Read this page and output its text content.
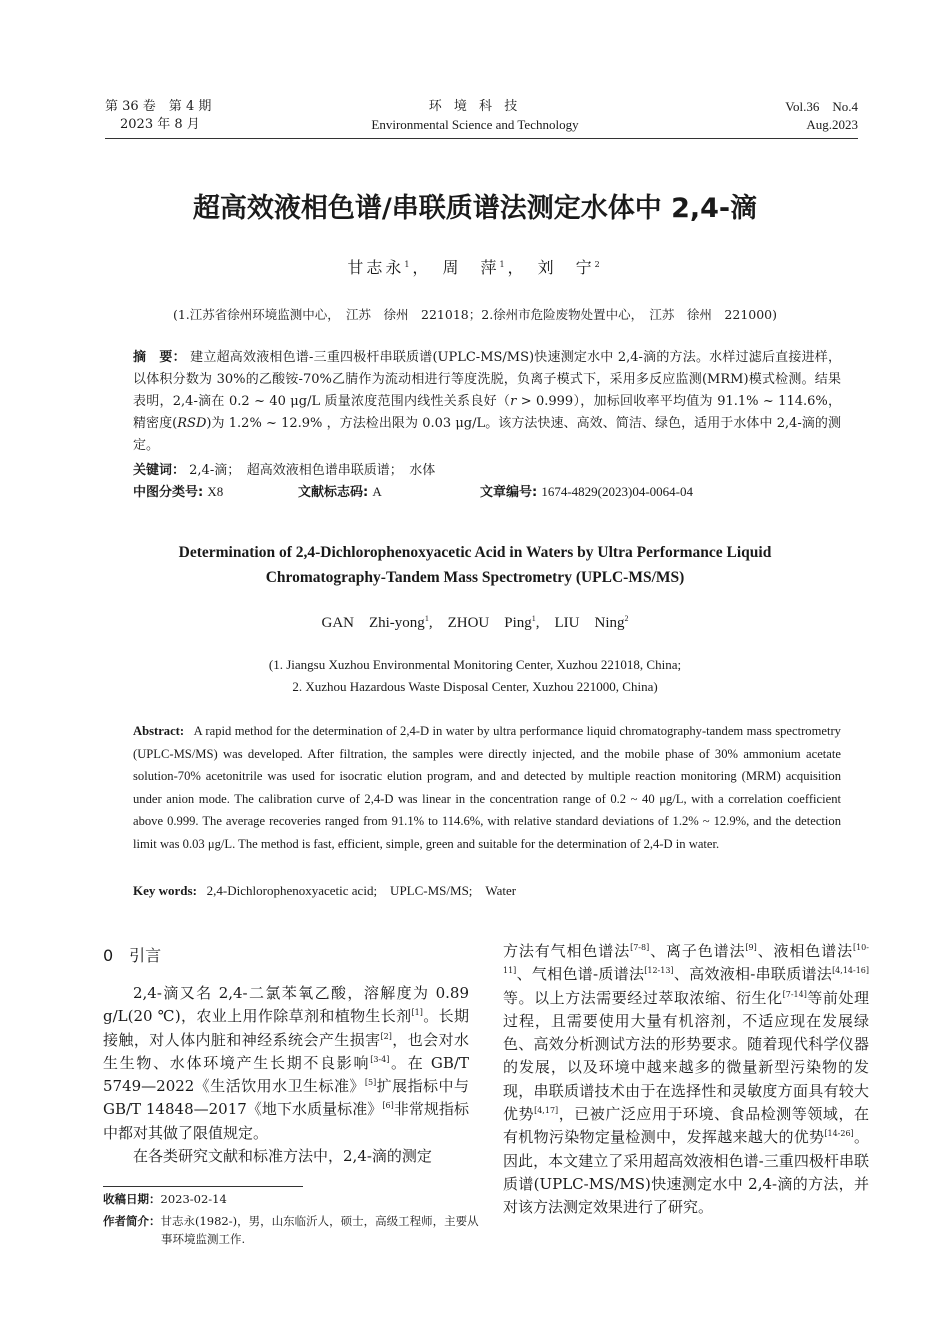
第 36 卷　第 4 期
2023 年 8 月
环 境 科 技
Environmental Science and Technology
Vol.36　No.4
Aug.2023
超高效液相色谱/串联质谱法测定水体中 2,4-滴
甘志永$^1$，　周　萍$^1$，　刘　宁$^2$
(1.江苏省徐州环境监测中心，　江苏　徐州　221018；2.徐州市危险废物处置中心，　江苏　徐州　221000)
摘　要： 建立超高效液相色谱-三重四极杆串联质谱(UPLC-MS/MS)快速测定水中 2,4-滴的方法。水样过滤后直接进样，以体积分数为 30%的乙酸铵-70%乙腈作为流动相进行等度洗脱，负离子模式下，采用多反应监测(MRM)模式检测。结果表明，2,4-滴在 0.2 ~ 40 μg/L 质量浓度范围内线性关系良好（r > 0.999），加标回收率平均值为 91.1% ~ 114.6%，精密度(RSD)为 1.2% ~ 12.9% ，方法检出限为 0.03 μg/L。该方法快速、高效、简洁、绿色，适用于水体中 2,4-滴的测定。
关键词： 2,4-滴；　超高效液相色谱串联质谱；　水体
中图分类号: X8	文献标志码: A	文章编号: 1674-4829(2023)04-0064-04
Determination of 2,4-Dichlorophenoxyacetic Acid in Waters by Ultra Performance Liquid
Chromatography-Tandem Mass Spectrometry (UPLC-MS/MS)
GAN　Zhi-yong$^1$,　ZHOU　Ping$^1$,　LIU　Ning$^2$
(1. Jiangsu Xuzhou Environmental Monitoring Center, Xuzhou 221018, China;
2. Xuzhou Hazardous Waste Disposal Center, Xuzhou 221000, China)
Abstract: A rapid method for the determination of 2,4-D in water by ultra performance liquid chromatography-tandem mass spectrometry (UPLC-MS/MS) was developed. After filtration, the samples were directly injected, and the mobile phase of 30% ammonium acetate solution-70% acetonitrile was used for isocratic elution program, and and detected by multiple reaction monitoring (MRM) acquisition under anion mode. The calibration curve of 2,4-D was linear in the concentration range of 0.2 ~ 40 μg/L, with a correlation coefficient above 0.999. The average recoveries ranged from 91.1% to 114.6%, with relative standard deviations of 1.2% ~ 12.9%, and the detection limit was 0.03 μg/L. The method is fast, efficient, simple, green and suitable for the determination of 2,4-D in water.
Key words: 2,4-Dichlorophenoxyacetic acid;　UPLC-MS/MS;　Water
0　引言

2,4-滴又名 2,4-二氯苯氧乙酸，溶解度为 0.89 g/L(20 ℃)，农业上用作除草剂和植物生长剂[1]。长期接触，对人体内脏和神经系统会产生损害[2]，也会对水生生物、水体环境产生长期不良影响[3-4]。在 GB/T 5749—2022《生活饮用水卫生标准》[5]扩展指标中与 GB/T 14848—2017《地下水质量标准》[6]非常规指标中都对其做了限值规定。

在各类研究文献和标准方法中，2,4-滴的测定

方法有气相色谱法[7-8]、离子色谱法[9]、液相色谱法[10-11]、气相色谱-质谱法[12-13]、高效液相-串联质谱法[4,14-16]等。以上方法需要经过萃取浓缩、衍生化[7-14]等前处理过程，且需要使用大量有机溶剂，不适应现在发展绿色、高效分析测试方法的形势要求。随着现代科学仪器的发展，以及环境中越来越多的微量新型污染物的发现，串联质谱技术由于在选择性和灵敏度方面具有较大优势[4,17]，已被广泛应用于环境、食品检测等领域，在有机物污染物定量检测中，发挥越来越大的优势[14-26]。因此，本文建立了采用超高效液相色谱-三重四极杆串联质谱(UPLC-MS/MS)快速测定水中 2,4-滴的方法，并对该方法测定效果进行了研究。

收稿日期：2023-02-14
作者简介：甘志永(1982-)，男，山东临沂人，硕士，高级工程师，主要从事环境监测工作.
